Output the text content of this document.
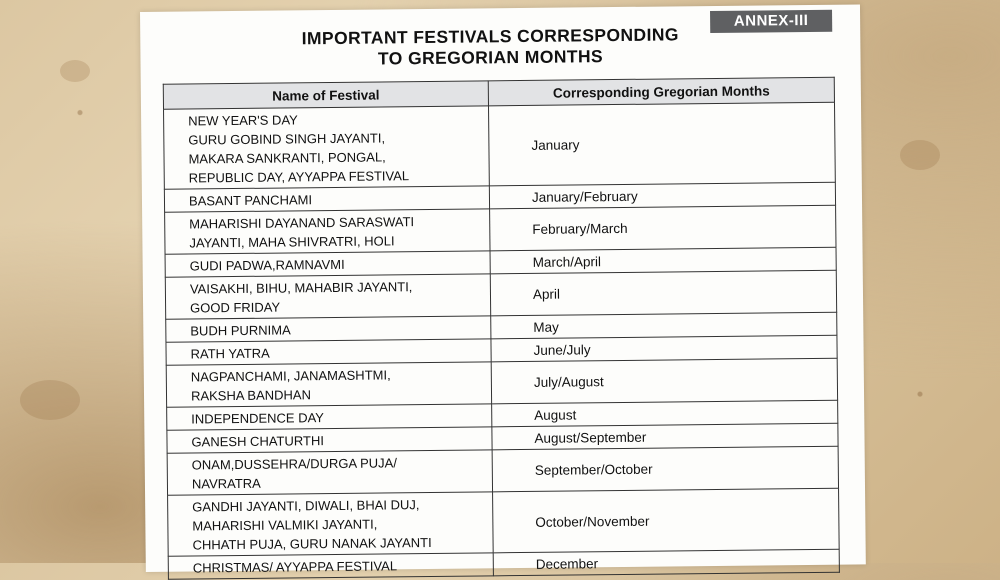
ANNEX-III
IMPORTANT FESTIVALS CORRESPONDING
TO GREGORIAN MONTHS
Name of Festival	Corresponding Gregorian Months

NEW YEAR'S DAY
GURU GOBIND SINGH JAYANTI,
MAKARA SANKRANTI, PONGAL,
REPUBLIC DAY, AYYAPPA FESTIVAL	January

BASANT PANCHAMI	January/February

MAHARISHI DAYANAND SARASWATI
JAYANTI, MAHA SHIVRATRI, HOLI	February/March

GUDI PADWA,RAMNAVMI	March/April

VAISAKHI, BIHU, MAHABIR JAYANTI,
GOOD FRIDAY	April

BUDH PURNIMA	May

RATH YATRA	June/July

NAGPANCHAMI, JANAMASHTMI,
RAKSHA BANDHAN	July/August

INDEPENDENCE DAY	August

GANESH CHATURTHI	August/September

ONAM,DUSSEHRA/DURGA PUJA/
NAVRATRA	September/October

GANDHI JAYANTI, DIWALI, BHAI DUJ,
MAHARISHI VALMIKI JAYANTI,
CHHATH PUJA, GURU NANAK JAYANTI	October/November

CHRISTMAS/ AYYAPPA FESTIVAL	December
